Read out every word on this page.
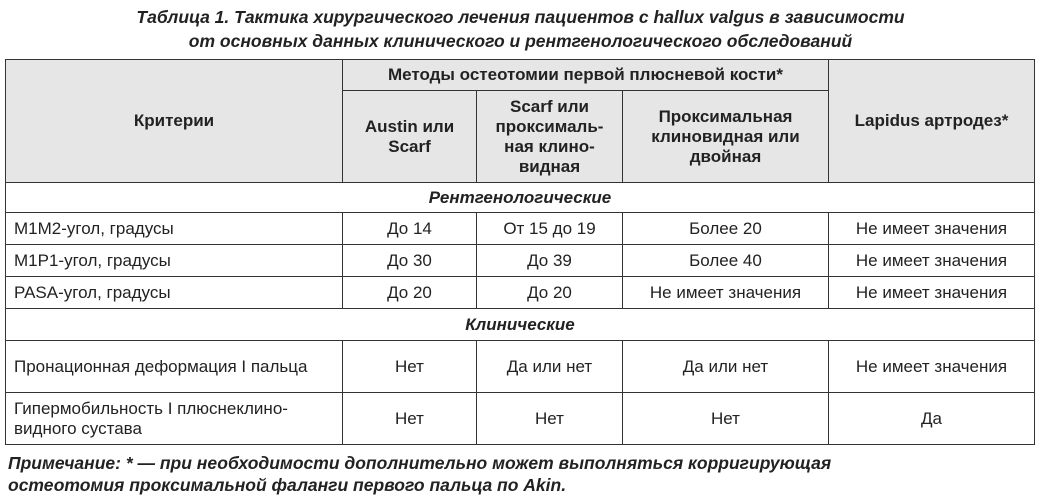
Таблица 1. Тактика хирургического лечения пациентов с hallux valgus в зависимости
от основных данных клинического и рентгенологического обследований
Критерии	Методы остеотомии первой плюсневой кости*			Lapidus артродез*
	Austin или Scarf	Scarf или проксималь-ная клино-видная	Проксимальная клиновидная или двойная	
Рентгенологические				
M1M2-угол, градусы	До 14	От 15 до 19	Более 20	Не имеет значения
M1P1-угол, градусы	До 30	До 39	Более 40	Не имеет значения
PASA-угол, градусы	До 20	До 20	Не имеет значения	Не имеет значения
Клинические				
Пронационная деформация I пальца	Нет	Да или нет	Да или нет	Не имеет значения
Гипермобильность I плюснеклино-видного сустава	Нет	Нет	Нет	Да
Примечание: * — при необходимости дополнительно может выполняться корригирующая
остеотомия проксимальной фаланги первого пальца по Akin.
